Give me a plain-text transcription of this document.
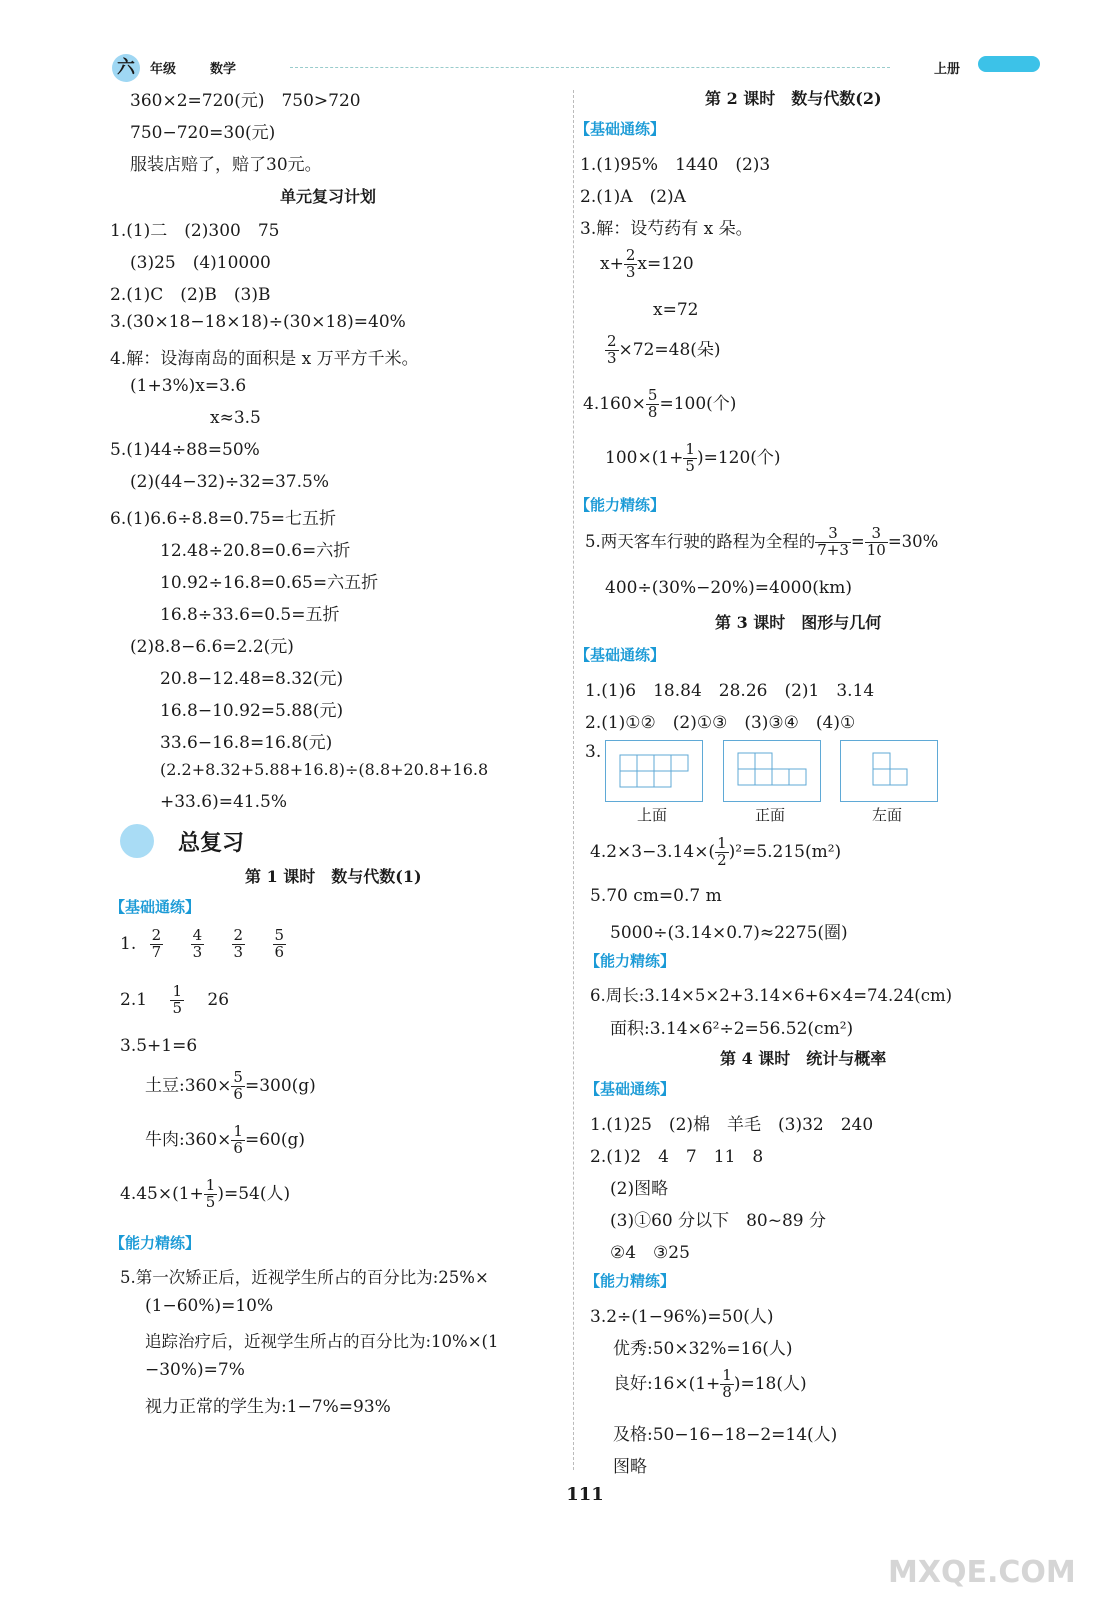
六	年级	数学	上册
360×2=720(元)　750>720
750−720=30(元)
服装店赔了，赔了30元。
单元复习计划
1.(1)二　(2)300　75
(3)25　(4)10000
2.(1)C　(2)B　(3)B
3.(30×18−18×18)÷(30×18)=40%
4.解：设海南岛的面积是 x 万平方千米。
(1+3%)x=3.6
x≈3.5
5.(1)44÷88=50%
(2)(44−32)÷32=37.5%
6.(1)6.6÷8.8=0.75=七五折
12.48÷20.8=0.6=六折
10.92÷16.8=0.65=六五折
16.8÷33.6=0.5=五折
(2)8.8−6.6=2.2(元)
20.8−12.48=8.32(元)
16.8−10.92=5.88(元)
33.6−16.8=16.8(元)
(2.2+8.32+5.88+16.8)÷(8.8+20.8+16.8
+33.6)=41.5%
总复习
第 1 课时　数与代数(1)
【基础通练】
1. $\frac{2}{7}$
$\frac{4}{3}$
$\frac{2}{3}$
$\frac{5}{6}$
$2.1 \frac{1}{5} 26$
3.5+1=6
土豆:360× $\frac{5}{6} =300(g)$
牛肉:360× $\frac{1}{6} =60(g)$
$4.45\times(1+ \frac{1}{5} )=54$(人)
【能力精练】
5.第一次矫正后，近视学生所占的百分比为:25%×
(1−60%)=10%
追踪治疗后，近视学生所占的百分比为:10%×(1
−30%)=7%
视力正常的学生为:1−7%=93%
第 2 课时　数与代数(2)
【基础通练】
1.(1)95%　1440　(2)3
2.(1)A　(2)A
3.解：设芍药有 x 朵。
$x+ \frac{2}{3} x=120$
x=72
$\frac{2}{3} \times 72=48$(朵)
$4.160\times \frac{5}{8} =100$(个)
$100\times(1+ \frac{1}{5} )=120$(个)
【能力精练】
5.两天客车行驶的路程为全程的 $\frac{3}{7+3} = \frac{3}{10} =30\%$
400÷(30%−20%)=4000(km)
第 3 课时　图形与几何
【基础通练】
1.(1)6　18.84　28.26　(2)1　3.14
2.(1)①②　(2)①③　(3)③④　(4)①
3.
上面	正面	左面
$4.2\times 3-3.14\times( \frac{1}{2} )^2=5.215(m^2)$
5.70 cm=0.7 m
5000÷(3.14×0.7)≈2275(圈)
【能力精练】
6.周长:3.14×5×2+3.14×6+6×4=74.24(cm)
面积:3.14×6²÷2=56.52(cm²)
第 4 课时　统计与概率
【基础通练】
1.(1)25　(2)棉　羊毛　(3)32　240
2.(1)2　4　7　11　8
(2)图略
(3)①60 分以下　80~89 分
②4　③25
【能力精练】
3.2÷(1−96%)=50(人)
优秀:50×32%=16(人)
良好:16×(1+ $\frac{1}{8} )=18$(人)
及格:50−16−18−2=14(人)
图略
111
MXQE.COM
